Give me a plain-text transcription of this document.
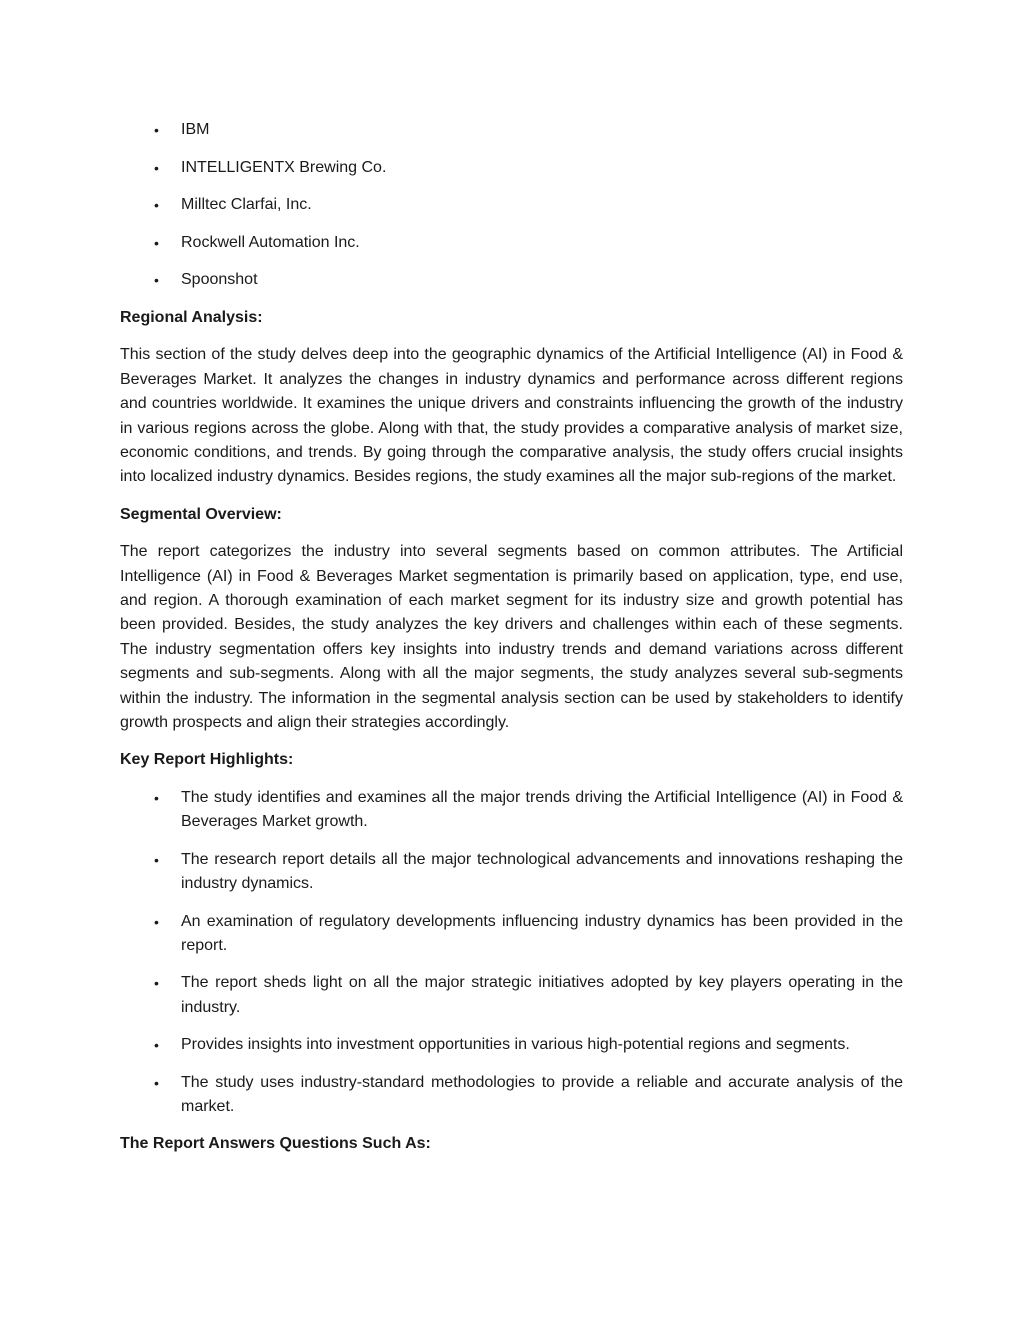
• IBM
• INTELLIGENTX Brewing Co.
• Milltec Clarfai, Inc.
• Rockwell Automation Inc.
• Spoonshot
Regional Analysis:

This section of the study delves deep into the geographic dynamics of the Artificial Intelligence (AI) in Food & Beverages Market. It analyzes the changes in industry dynamics and performance across different regions and countries worldwide. It examines the unique drivers and constraints influencing the growth of the industry in various regions across the globe. Along with that, the study provides a comparative analysis of market size, economic conditions, and trends. By going through the comparative analysis, the study offers crucial insights into localized industry dynamics. Besides regions, the study examines all the major sub-regions of the market.

Segmental Overview:

The report categorizes the industry into several segments based on common attributes. The Artificial Intelligence (AI) in Food & Beverages Market segmentation is primarily based on application, type, end use, and region. A thorough examination of each market segment for its industry size and growth potential has been provided. Besides, the study analyzes the key drivers and challenges within each of these segments. The industry segmentation offers key insights into industry trends and demand variations across different segments and sub-segments. Along with all the major segments, the study analyzes several sub-segments within the industry. The information in the segmental analysis section can be used by stakeholders to identify growth prospects and align their strategies accordingly.

Key Report Highlights:
• The study identifies and examines all the major trends driving the Artificial Intelligence (AI) in Food & Beverages Market growth.
• The research report details all the major technological advancements and innovations reshaping the industry dynamics.
• An examination of regulatory developments influencing industry dynamics has been provided in the report.
• The report sheds light on all the major strategic initiatives adopted by key players operating in the industry.
• Provides insights into investment opportunities in various high-potential regions and segments.
• The study uses industry-standard methodologies to provide a reliable and accurate analysis of the market.
The Report Answers Questions Such As:
